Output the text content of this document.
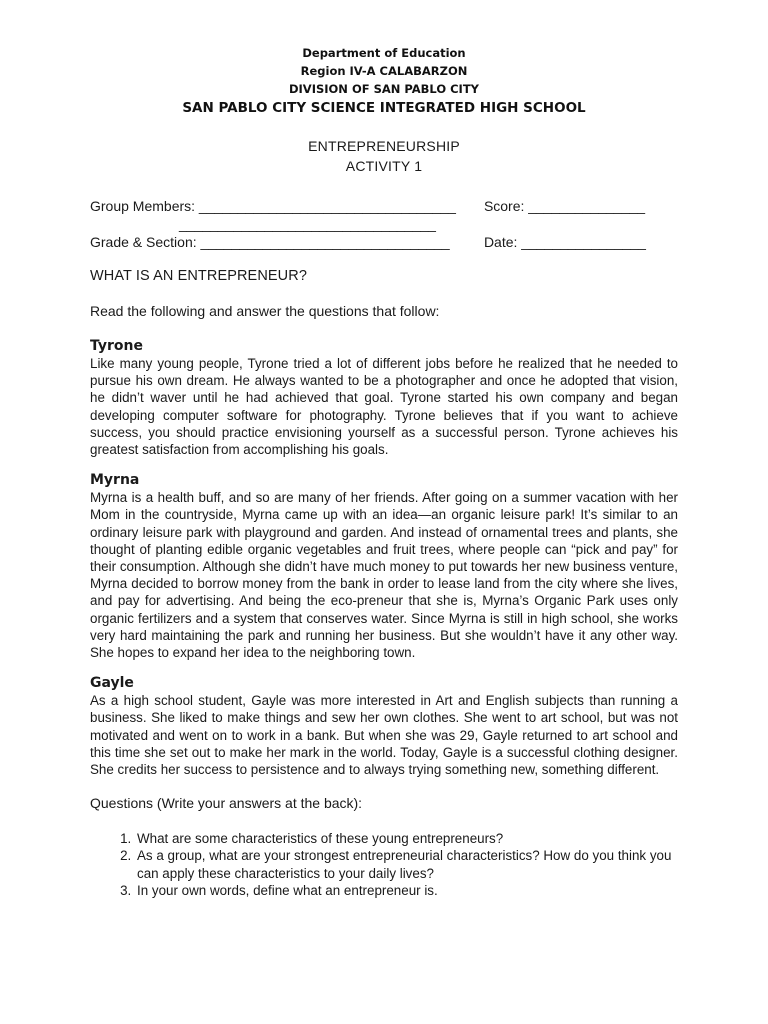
Department of Education
Region IV-A CALABARZON
DIVISION OF SAN PABLO CITY
SAN PABLO CITY SCIENCE INTEGRATED HIGH SCHOOL
ENTREPRENEURSHIP
ACTIVITY 1
Group Members: _________________________________	Score: _______________
_________________________________
Grade & Section: ________________________________	Date: ________________
WHAT IS AN ENTREPRENEUR?
Read the following and answer the questions that follow:
Tyrone

Like many young people, Tyrone tried a lot of different jobs before he realized that he needed to pursue his own dream. He always wanted to be a photographer and once he adopted that vision, he didn’t waver until he had achieved that goal. Tyrone started his own company and began developing computer software for photography. Tyrone believes that if you want to achieve success, you should practice envisioning yourself as a successful person. Tyrone achieves his greatest satisfaction from accomplishing his goals.

Myrna

Myrna is a health buff, and so are many of her friends. After going on a summer vacation with her Mom in the countryside, Myrna came up with an idea—an organic leisure park! It’s similar to an ordinary leisure park with playground and garden. And instead of ornamental trees and plants, she thought of planting edible organic vegetables and fruit trees, where people can “pick and pay” for their consumption. Although she didn’t have much money to put towards her new business venture, Myrna decided to borrow money from the bank in order to lease land from the city where she lives, and pay for advertising. And being the eco-preneur that she is, Myrna’s Organic Park uses only organic fertilizers and a system that conserves water. Since Myrna is still in high school, she works very hard maintaining the park and running her business. But she wouldn’t have it any other way. She hopes to expand her idea to the neighboring town.

Gayle

As a high school student, Gayle was more interested in Art and English subjects than running a business. She liked to make things and sew her own clothes. She went to art school, but was not motivated and went on to work in a bank. But when she was 29, Gayle returned to art school and this time she set out to make her mark in the world. Today, Gayle is a successful clothing designer. She credits her success to persistence and to always trying something new, something different.

Questions (Write your answers at the back):
1. What are some characteristics of these young entrepreneurs?
2. As a group, what are your strongest entrepreneurial characteristics? How do you think you can apply these characteristics to your daily lives?
3. In your own words, define what an entrepreneur is.
